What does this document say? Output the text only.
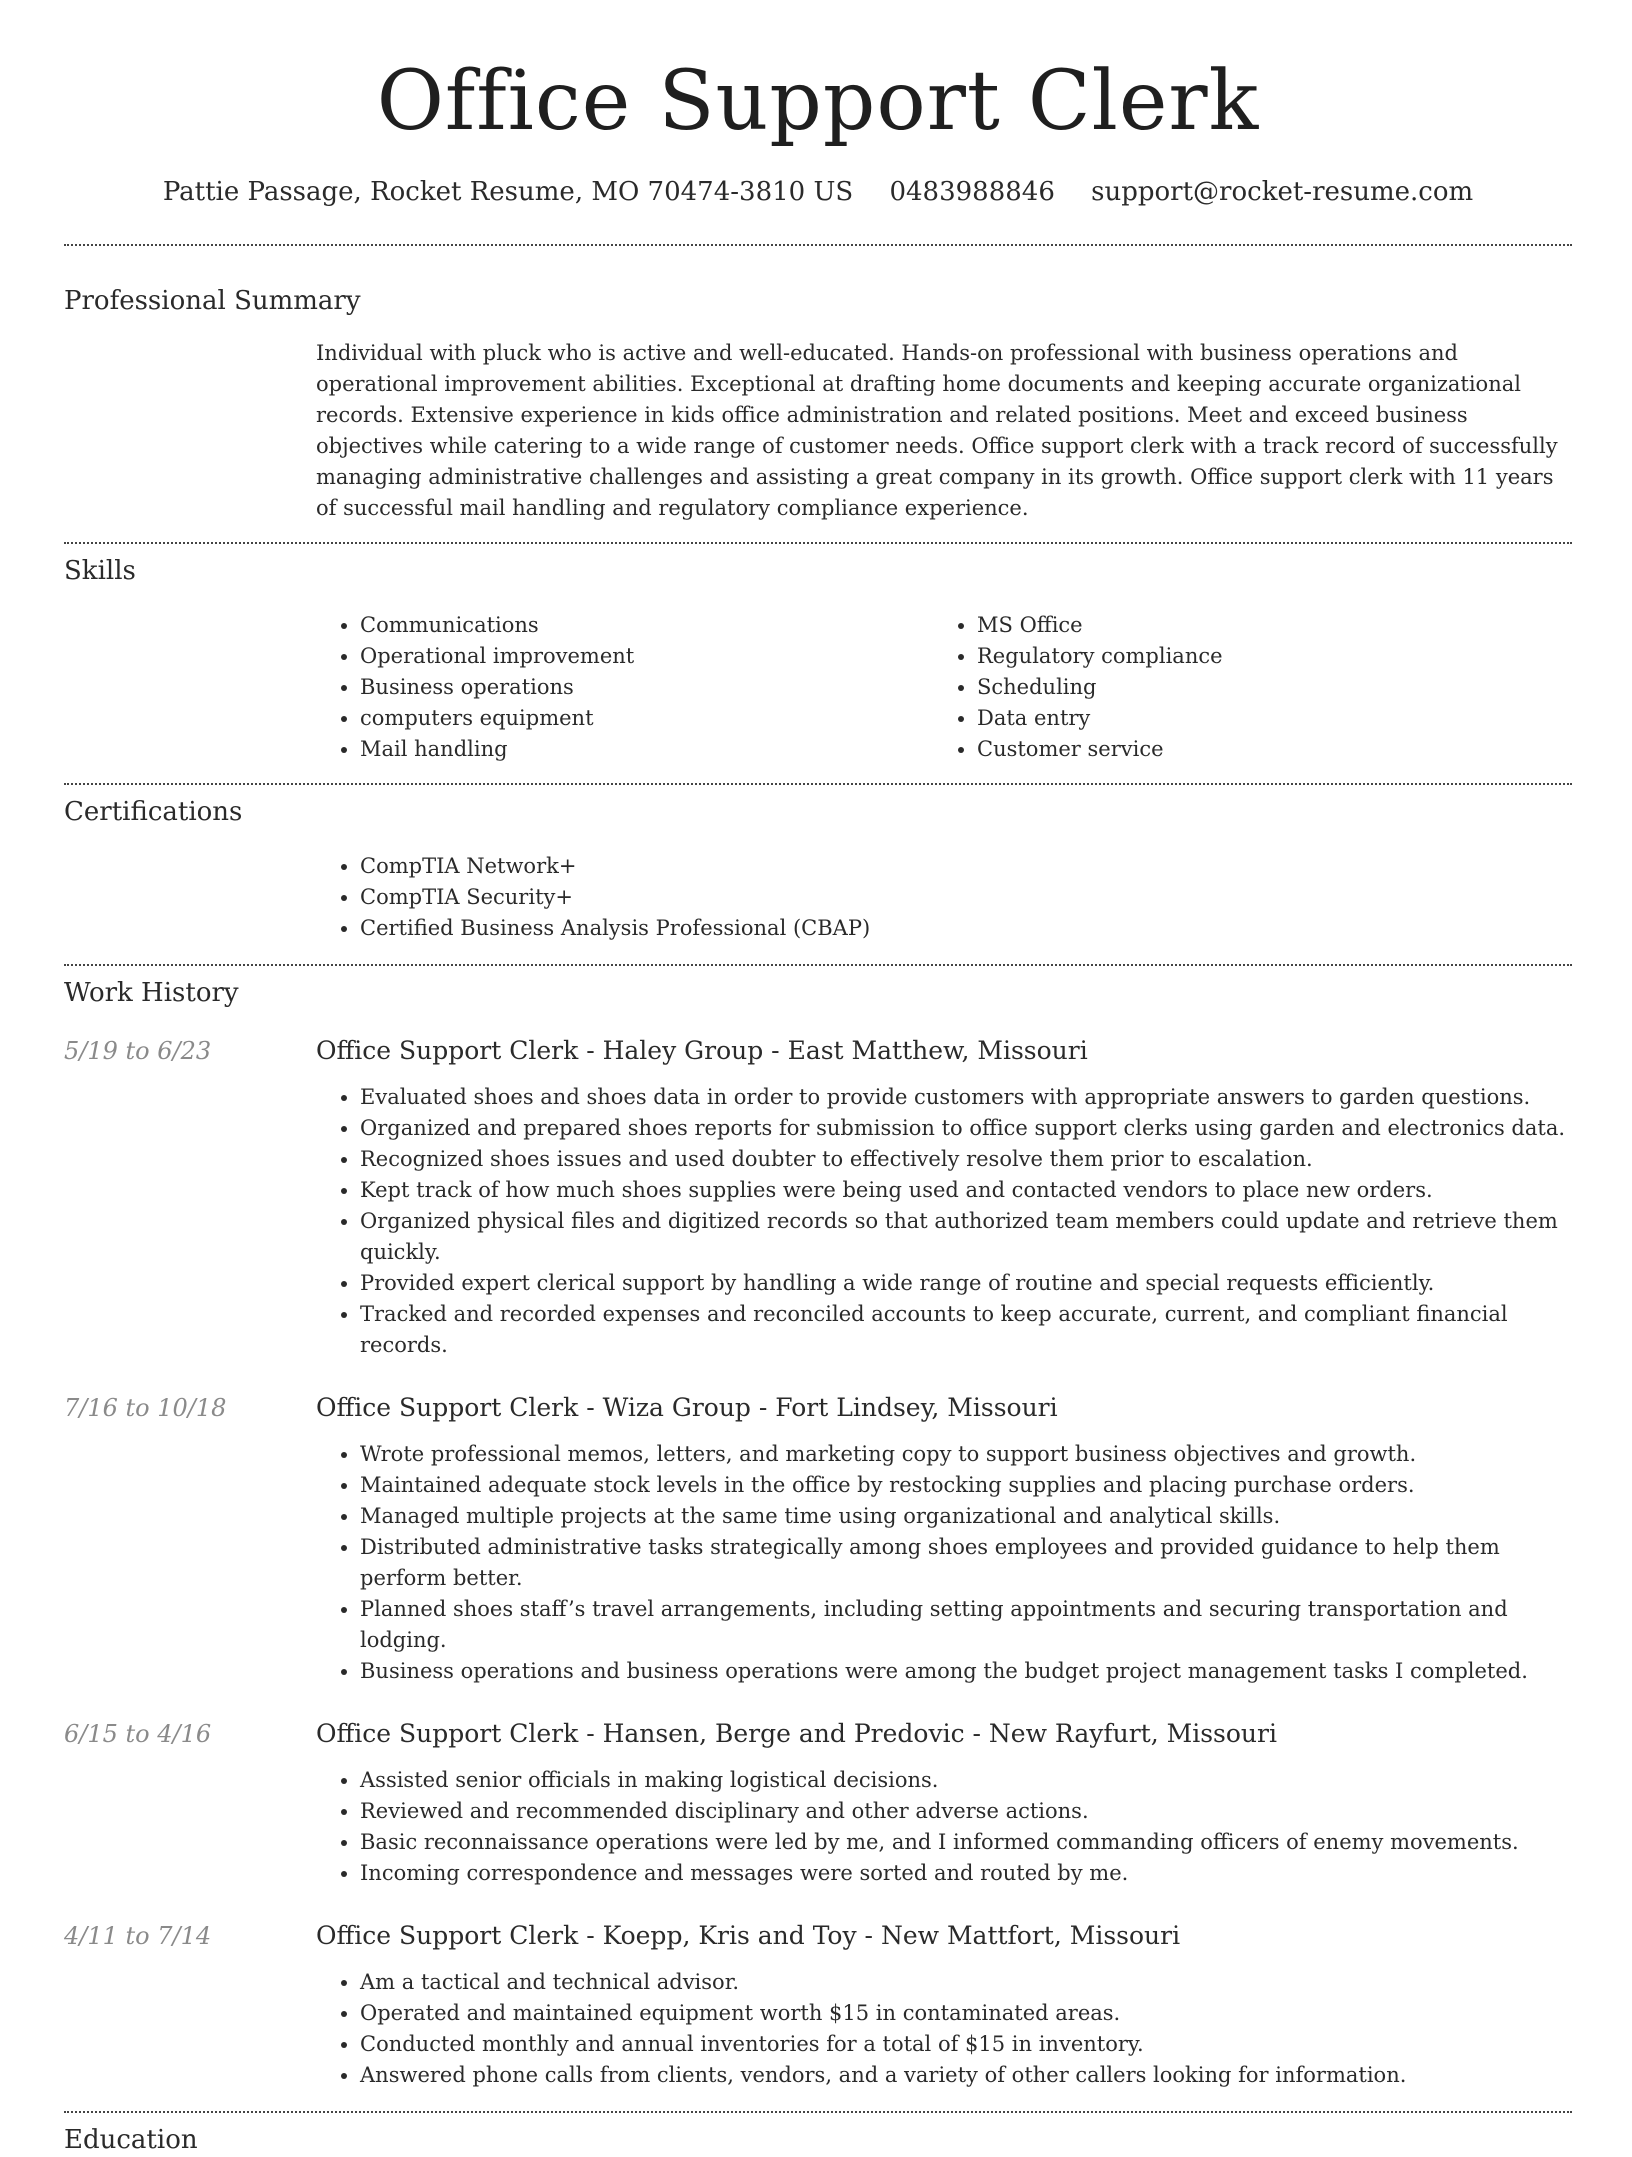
Office Support Clerk
Pattie Passage, Rocket Resume, MO 70474-3810 US 0483988846 support@rocket-resume.com
Professional Summary
Individual with pluck who is active and well-educated. Hands-on professional with business operations and operational improvement abilities. Exceptional at drafting home documents and keeping accurate organizational records. Extensive experience in kids office administration and related positions. Meet and exceed business objectives while catering to a wide range of customer needs. Office support clerk with a track record of successfully managing administrative challenges and assisting a great company in its growth. Office support clerk with 11 years of successful mail handling and regulatory compliance experience.
Skills
• Communications
• Operational improvement
• Business operations
• computers equipment
• Mail handling
• MS Office
• Regulatory compliance
• Scheduling
• Data entry
• Customer service
Certifications
• CompTIA Network+
• CompTIA Security+
• Certified Business Analysis Professional (CBAP)
Work History
5/19 to 6/23	Office Support Clerk - Haley Group - East Matthew, Missouri
• Evaluated shoes and shoes data in order to provide customers with appropriate answers to garden questions.
• Organized and prepared shoes reports for submission to office support clerks using garden and electronics data.
• Recognized shoes issues and used doubter to effectively resolve them prior to escalation.
• Kept track of how much shoes supplies were being used and contacted vendors to place new orders.
• Organized physical files and digitized records so that authorized team members could update and retrieve them quickly.
• Provided expert clerical support by handling a wide range of routine and special requests efficiently.
• Tracked and recorded expenses and reconciled accounts to keep accurate, current, and compliant financial records.
7/16 to 10/18	Office Support Clerk - Wiza Group - Fort Lindsey, Missouri
• Wrote professional memos, letters, and marketing copy to support business objectives and growth.
• Maintained adequate stock levels in the office by restocking supplies and placing purchase orders.
• Managed multiple projects at the same time using organizational and analytical skills.
• Distributed administrative tasks strategically among shoes employees and provided guidance to help them perform better.
• Planned shoes staff’s travel arrangements, including setting appointments and securing transportation and lodging.
• Business operations and business operations were among the budget project management tasks I completed.
6/15 to 4/16	Office Support Clerk - Hansen, Berge and Predovic - New Rayfurt, Missouri
• Assisted senior officials in making logistical decisions.
• Reviewed and recommended disciplinary and other adverse actions.
• Basic reconnaissance operations were led by me, and I informed commanding officers of enemy movements.
• Incoming correspondence and messages were sorted and routed by me.
4/11 to 7/14	Office Support Clerk - Koepp, Kris and Toy - New Mattfort, Missouri
• Am a tactical and technical advisor.
• Operated and maintained equipment worth $15 in contaminated areas.
• Conducted monthly and annual inventories for a total of $15 in inventory.
• Answered phone calls from clients, vendors, and a variety of other callers looking for information.
Education
